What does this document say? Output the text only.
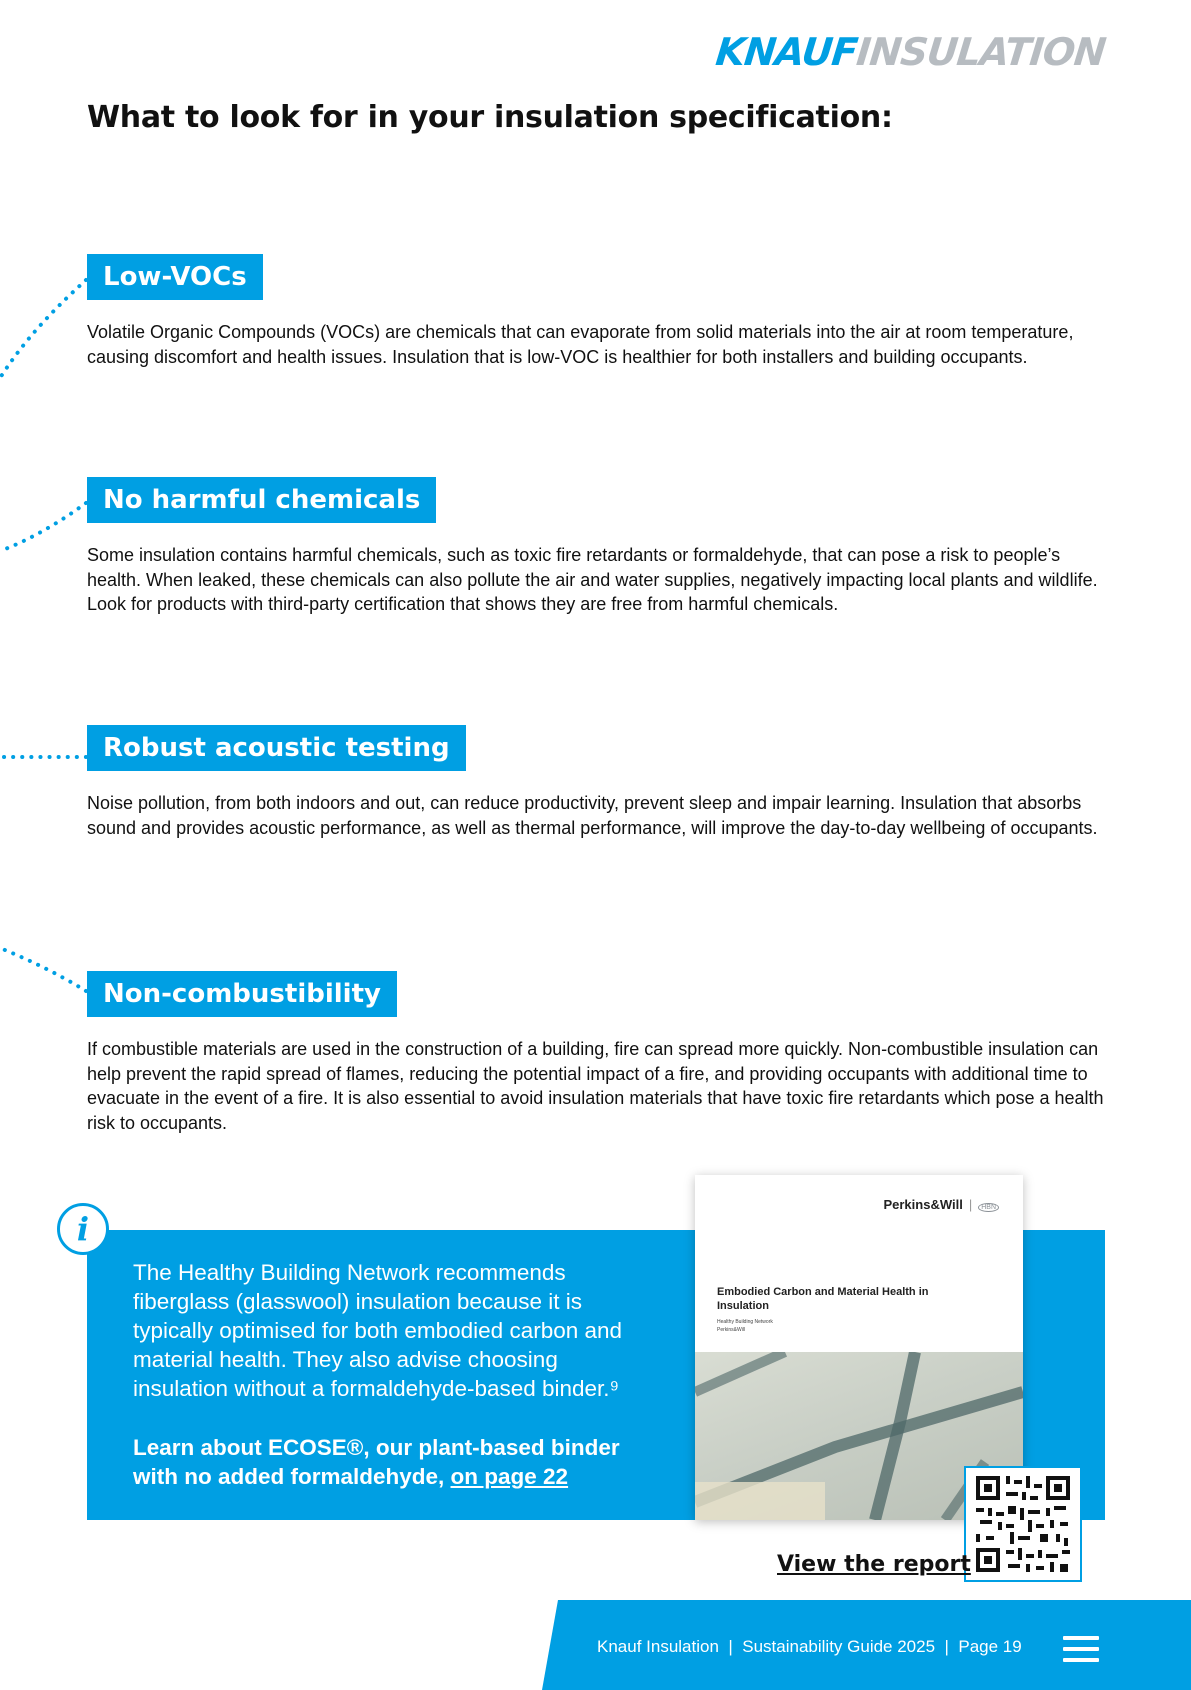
KNAUFINSULATION
What to look for in your insulation specification:
Low-VOCs

Volatile Organic Compounds (VOCs) are chemicals that can evaporate from solid materials into the air at room temperature, causing discomfort and health issues. Insulation that is low-VOC is healthier for both installers and building occupants.

No harmful chemicals

Some insulation contains harmful chemicals, such as toxic fire retardants or formaldehyde, that can pose a risk to people’s health. When leaked, these chemicals can also pollute the air and water supplies, negatively impacting local plants and wildlife. Look for products with third-party certification that shows they are free from harmful chemicals.

Robust acoustic testing

Noise pollution, from both indoors and out, can reduce productivity, prevent sleep and impair learning. Insulation that absorbs sound and provides acoustic performance, as well as thermal performance, will improve the day-to-day wellbeing of occupants.

Non-combustibility

If combustible materials are used in the construction of a building, fire can spread more quickly. Non-combustible insulation can help prevent the rapid spread of flames, reducing the potential impact of a fire, and providing occupants with additional time to evacuate in the event of a fire. It is also essential to avoid insulation materials that have toxic fire retardants which pose a health risk to occupants.

i

The Healthy Building Network recommends fiberglass (glasswool) insulation because it is typically optimised for both embodied carbon and material health. They also advise choosing insulation without a formaldehyde-based binder.⁹

Learn about ECOSE®, our plant-based binder with no added formaldehyde, on page 22

Perkins&Will | HBN

Embodied Carbon and Material Health in Insulation

Healthy Building Network
Perkins&Will

View the report
Knauf Insulation | Sustainability Guide 2025 | Page 19
